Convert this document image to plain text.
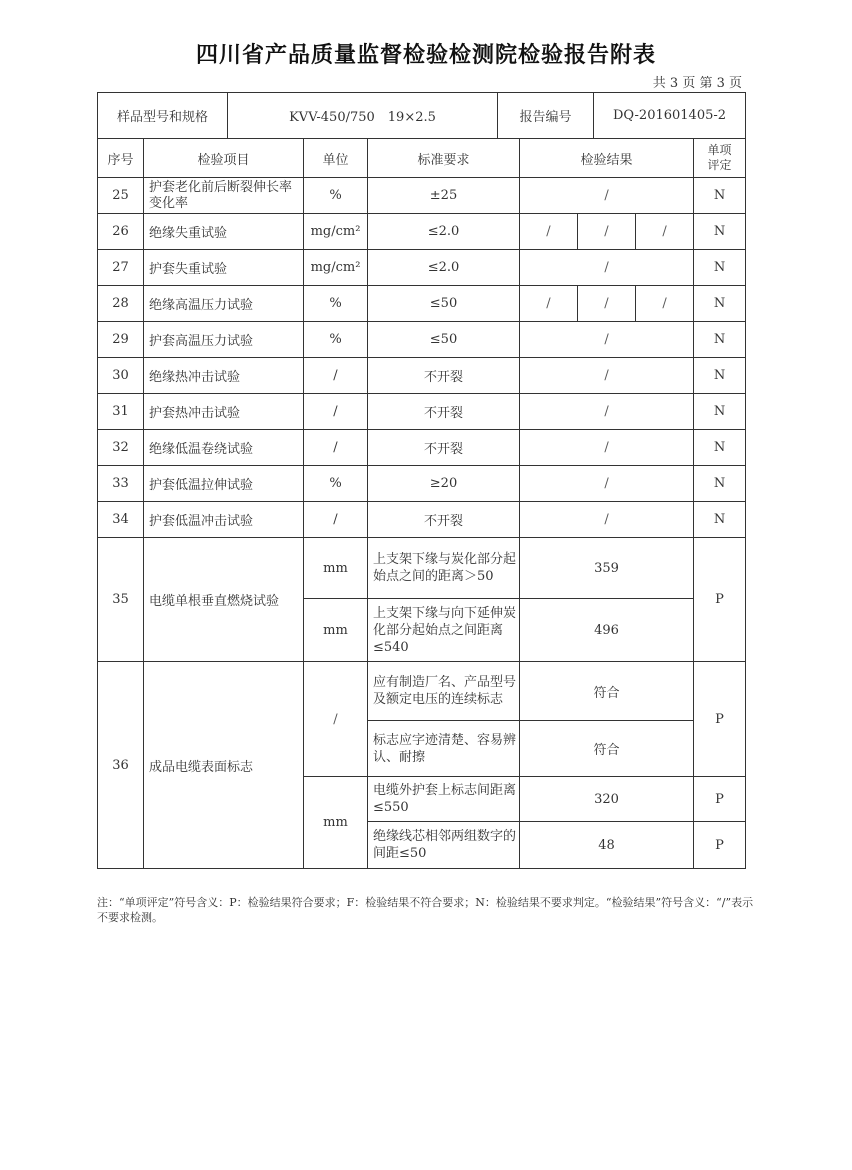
四川省产品质量监督检验检测院检验报告附表
共 3 页 第 3 页
样品型号和规格	KVV-450/750　19×2.5	报告编号	DQ-201601405-2
序号	检验项目	单位	标准要求	检验结果			单项
评定
25	护套老化前后断裂伸长率变化率	%	±25	/			N
26	绝缘失重试验	mg/cm²	≤2.0	/	/	/	N
27	护套失重试验	mg/cm²	≤2.0	/			N
28	绝缘高温压力试验	%	≤50	/	/	/	N
29	护套高温压力试验	%	≤50	/			N
30	绝缘热冲击试验	/	不开裂	/			N
31	护套热冲击试验	/	不开裂	/			N
32	绝缘低温卷绕试验	/	不开裂	/			N
33	护套低温拉伸试验	%	≥20	/			N
34	护套低温冲击试验	/	不开裂	/			N
35	电缆单根垂直燃烧试验	mm	上支架下缘与炭化部分起始点之间的距离＞50	359			P
		mm	上支架下缘与向下延伸炭化部分起始点之间距离≤540	496			
36	成品电缆表面标志	/	应有制造厂名、产品型号及额定电压的连续标志	符合			P
			标志应字迹清楚、容易辨认、耐擦	符合			
		mm	电缆外护套上标志间距离≤550	320			P
			绝缘线芯相邻两组数字的间距≤50	48			P
注：“单项评定”符号含义：P：检验结果符合要求；F：检验结果不符合要求；N：检验结果不要求判定。“检验结果”符号含义：“/”表示不要求检测。
